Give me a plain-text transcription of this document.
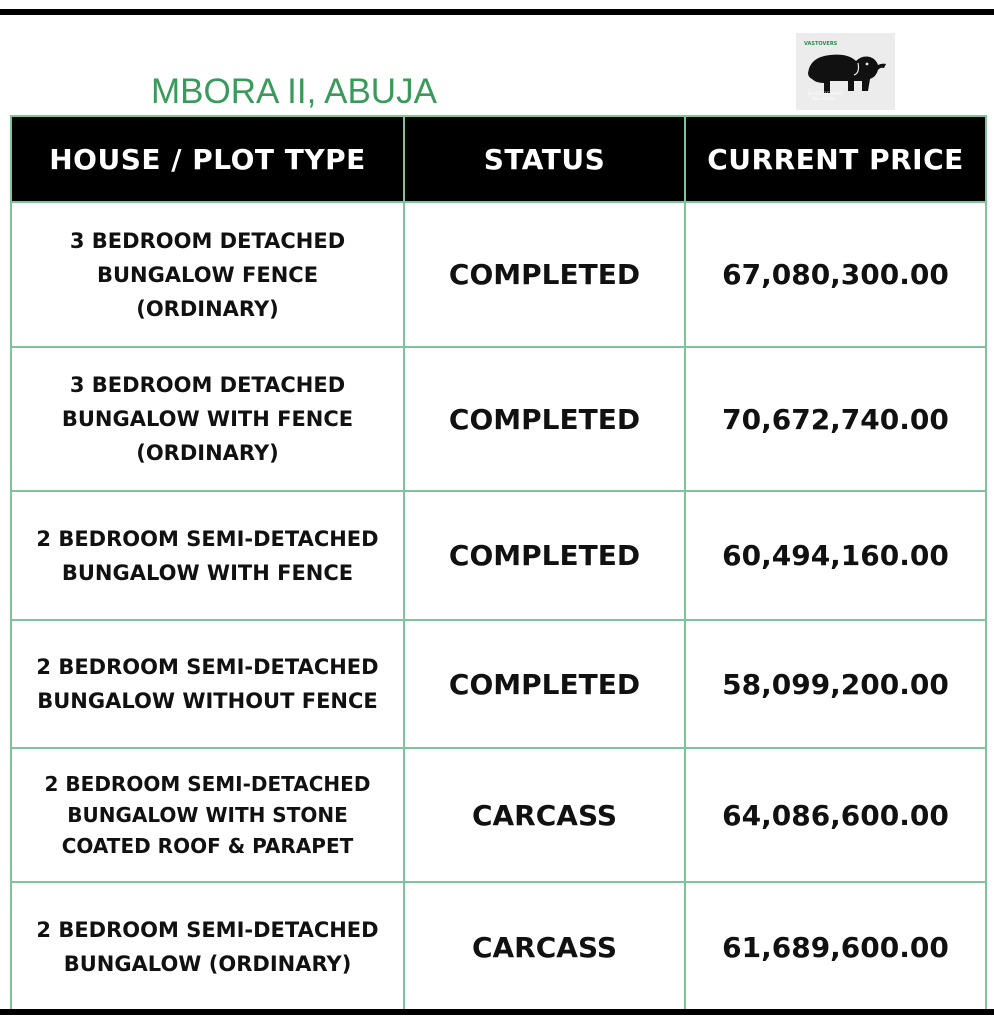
MBORA II, ABUJA
VASTOVERS
BLACK ELEPHANT
Real Estate
HOUSE / PLOT TYPE	STATUS	CURRENT PRICE
3 BEDROOM DETACHED
BUNGALOW FENCE
(ORDINARY)	COMPLETED	67,080,300.00
3 BEDROOM DETACHED
BUNGALOW WITH FENCE
(ORDINARY)	COMPLETED	70,672,740.00
2 BEDROOM SEMI-DETACHED
BUNGALOW WITH FENCE	COMPLETED	60,494,160.00
2 BEDROOM SEMI-DETACHED
BUNGALOW WITHOUT FENCE	COMPLETED	58,099,200.00
2 BEDROOM SEMI-DETACHED
BUNGALOW WITH STONE
COATED ROOF & PARAPET	CARCASS	64,086,600.00
2 BEDROOM SEMI-DETACHED
BUNGALOW (ORDINARY)	CARCASS	61,689,600.00
